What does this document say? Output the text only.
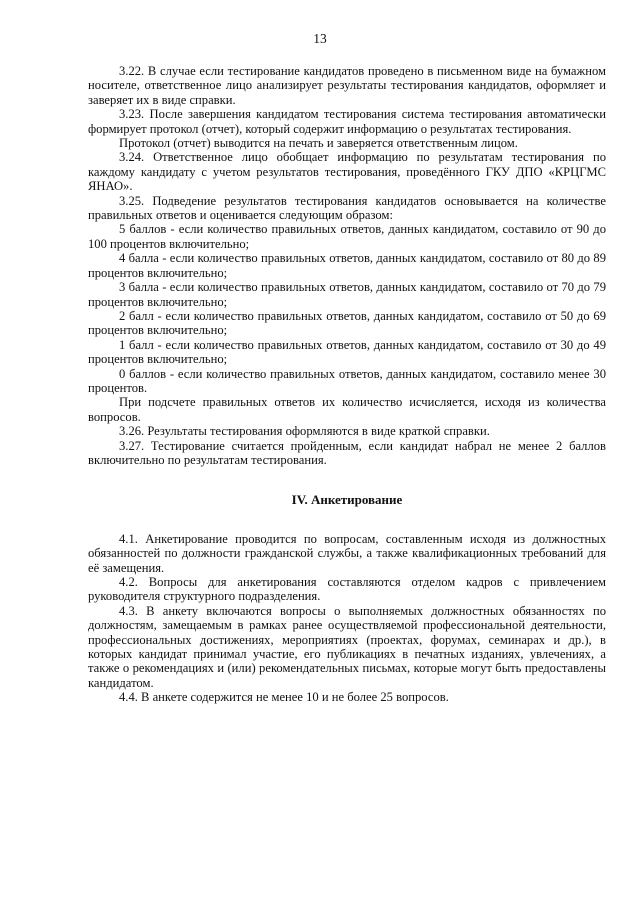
13

3.22. В случае если тестирование кандидатов проведено в письменном виде на бумажном носителе, ответственное лицо анализирует результаты тестирования кандидатов, оформляет и заверяет их в виде справки.

3.23. После завершения кандидатом тестирования система тестирования автоматически формирует протокол (отчет), который содержит информацию о результатах тестирования.

Протокол (отчет) выводится на печать и заверяется ответственным лицом.

3.24. Ответственное лицо обобщает информацию по результатам тестирования по каждому кандидату с учетом результатов тестирования, проведённого ГКУ ДПО «КРЦГМС ЯНАО».

3.25. Подведение результатов тестирования кандидатов основывается на количестве правильных ответов и оценивается следующим образом:

5 баллов - если количество правильных ответов, данных кандидатом, составило от 90 до 100 процентов включительно;

4 балла - если количество правильных ответов, данных кандидатом, составило от 80 до 89 процентов включительно;

3 балла - если количество правильных ответов, данных кандидатом, составило от 70 до 79 процентов включительно;

2 балл - если количество правильных ответов, данных кандидатом, составило от 50 до 69 процентов включительно;

1 балл - если количество правильных ответов, данных кандидатом, составило от 30 до 49 процентов включительно;

0 баллов - если количество правильных ответов, данных кандидатом, составило менее 30 процентов.

При подсчете правильных ответов их количество исчисляется, исходя из количества вопросов.

3.26. Результаты тестирования оформляются в виде краткой справки.

3.27. Тестирование считается пройденным, если кандидат набрал не менее 2 баллов включительно по результатам тестирования.

IV. Анкетирование

4.1. Анкетирование проводится по вопросам, составленным исходя из должностных обязанностей по должности гражданской службы, а также квалификационных требований для её замещения.

4.2. Вопросы для анкетирования составляются отделом кадров с привлечением руководителя структурного подразделения.

4.3. В анкету включаются вопросы о выполняемых должностных обязанностях по должностям, замещаемым в рамках ранее осуществляемой профессиональной деятельности, профессиональных достижениях, мероприятиях (проектах, форумах, семинарах и др.), в которых кандидат принимал участие, его публикациях в печатных изданиях, увлечениях, а также о рекомендациях и (или) рекомендательных письмах, которые могут быть предоставлены кандидатом.

4.4. В анкете содержится не менее 10 и не более 25 вопросов.
